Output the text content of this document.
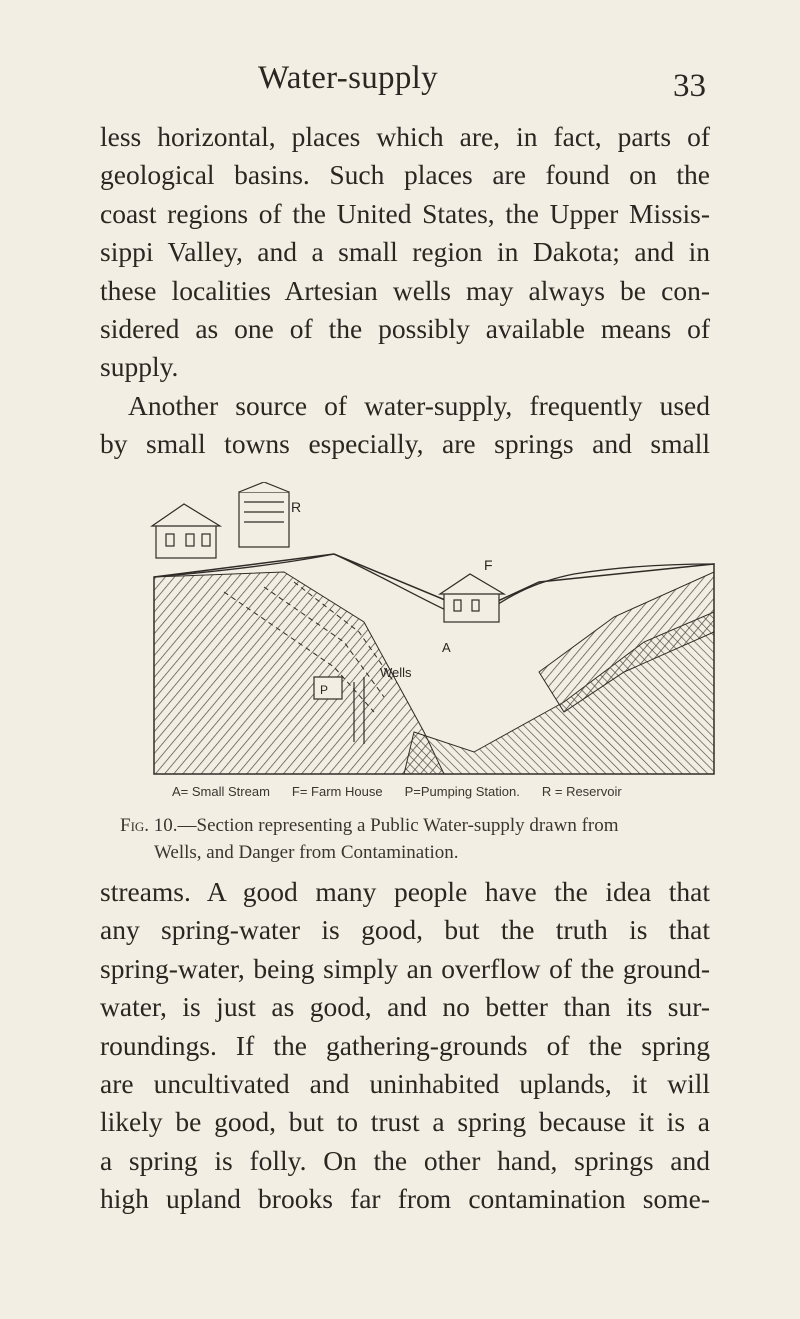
Water-supply	33
less horizontal, places which are, in fact, parts of
geological basins. Such places are found on the
coast regions of the United States, the Upper Missis-
sippi Valley, and a small region in Dakota; and in
these localities Artesian wells may always be con-
sidered as one of the possibly available means of
supply.
Another source of water-supply, frequently used
by small towns especially, are springs and small
R
F
A
Wells
P
A= Small Stream F= Farm House P=Pumping Station. R = Reservoir
Fig. 10.—Section representing a Public Water-supply drawn from
Wells, and Danger from Contamination.
streams. A good many people have the idea that
any spring-water is good, but the truth is that
spring-water, being simply an overflow of the ground-
water, is just as good, and no better than its sur-
roundings. If the gathering-grounds of the spring
are uncultivated and uninhabited uplands, it will
likely be good, but to trust a spring because it is a
a spring is folly. On the other hand, springs and
high upland brooks far from contamination some-
